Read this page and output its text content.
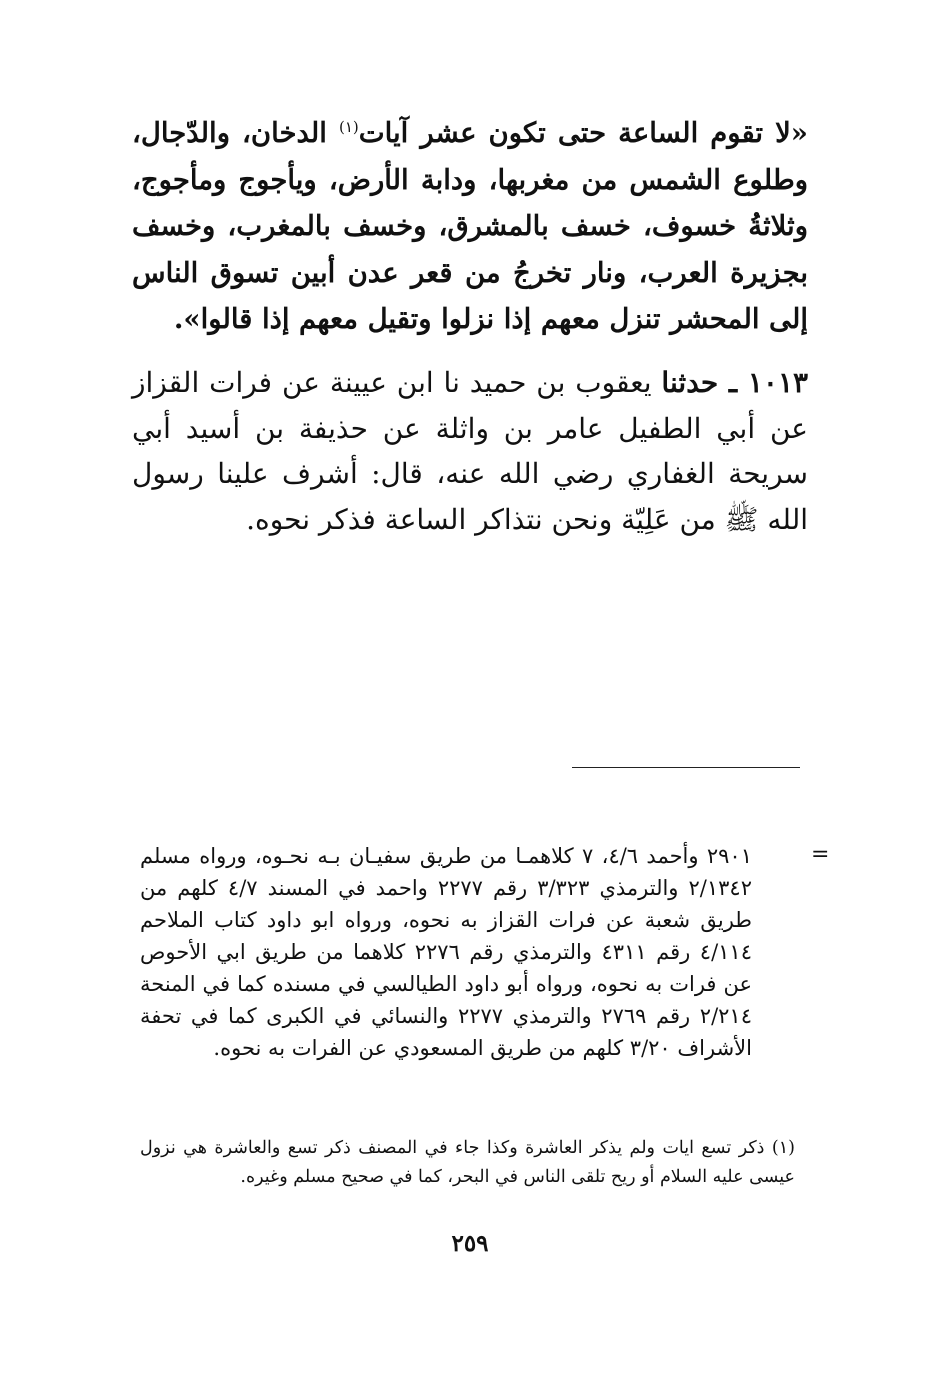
«لا تقوم الساعة حتى تكون عشر آيات$^{(١)}$ الدخان، والدّجال، وطلوع الشمس من مغربها، ودابة الأرض، ويأجوج ومأجوج، وثلاثةُ خسوف، خسف بالمشرق، وخسف بالمغرب، وخسف بجزيرة العرب، ونار تخرجُ من قعر عدن أبين تسوق الناس إلى المحشر تنزل معهم إذا نزلوا وتقيل معهم إذا قالوا».

١٠١٣ ـ حدثنا يعقوب بن حميد نا ابن عيينة عن فرات القزاز عن أبي الطفيل عامر بن واثلة عن حذيفة بن أسيد أبي سريحة الغفاري رضي الله عنه، قال: أشرف علينا رسول الله ﷺ من عَلِيّة ونحن نتذاكر الساعة فذكر نحوه.

=

٢٩٠١ وأحمد ٤/٦، ٧ كلاهمـا من طريق سفيـان بـه نحـوه، ورواه مسلم ٢/١٣٤٢ والترمذي ٣/٣٢٣ رقم ٢٢٧٧ واحمد في المسند ٤/٧ كلهم من طريق شعبة عن فرات القزاز به نحوه، ورواه ابو داود كتاب الملاحم ٤/١١٤ رقم ٤٣١١ والترمذي رقم ٢٢٧٦ كلاهما من طريق ابي الأحوص عن فرات به نحوه، ورواه أبو داود الطيالسي في مسنده كما في المنحة ٢/٢١٤ رقم ٢٧٦٩ والترمذي ٢٢٧٧ والنسائي في الكبرى كما في تحفة الأشراف ٣/٢٠ كلهم من طريق المسعودي عن الفرات به نحوه.

(١) ذكر تسع ايات ولم يذكر العاشرة وكذا جاء في المصنف ذكر تسع والعاشرة هي نزول عيسى عليه السلام أو ريح تلقى الناس في البحر، كما في صحيح مسلم وغيره.

٢٥٩
